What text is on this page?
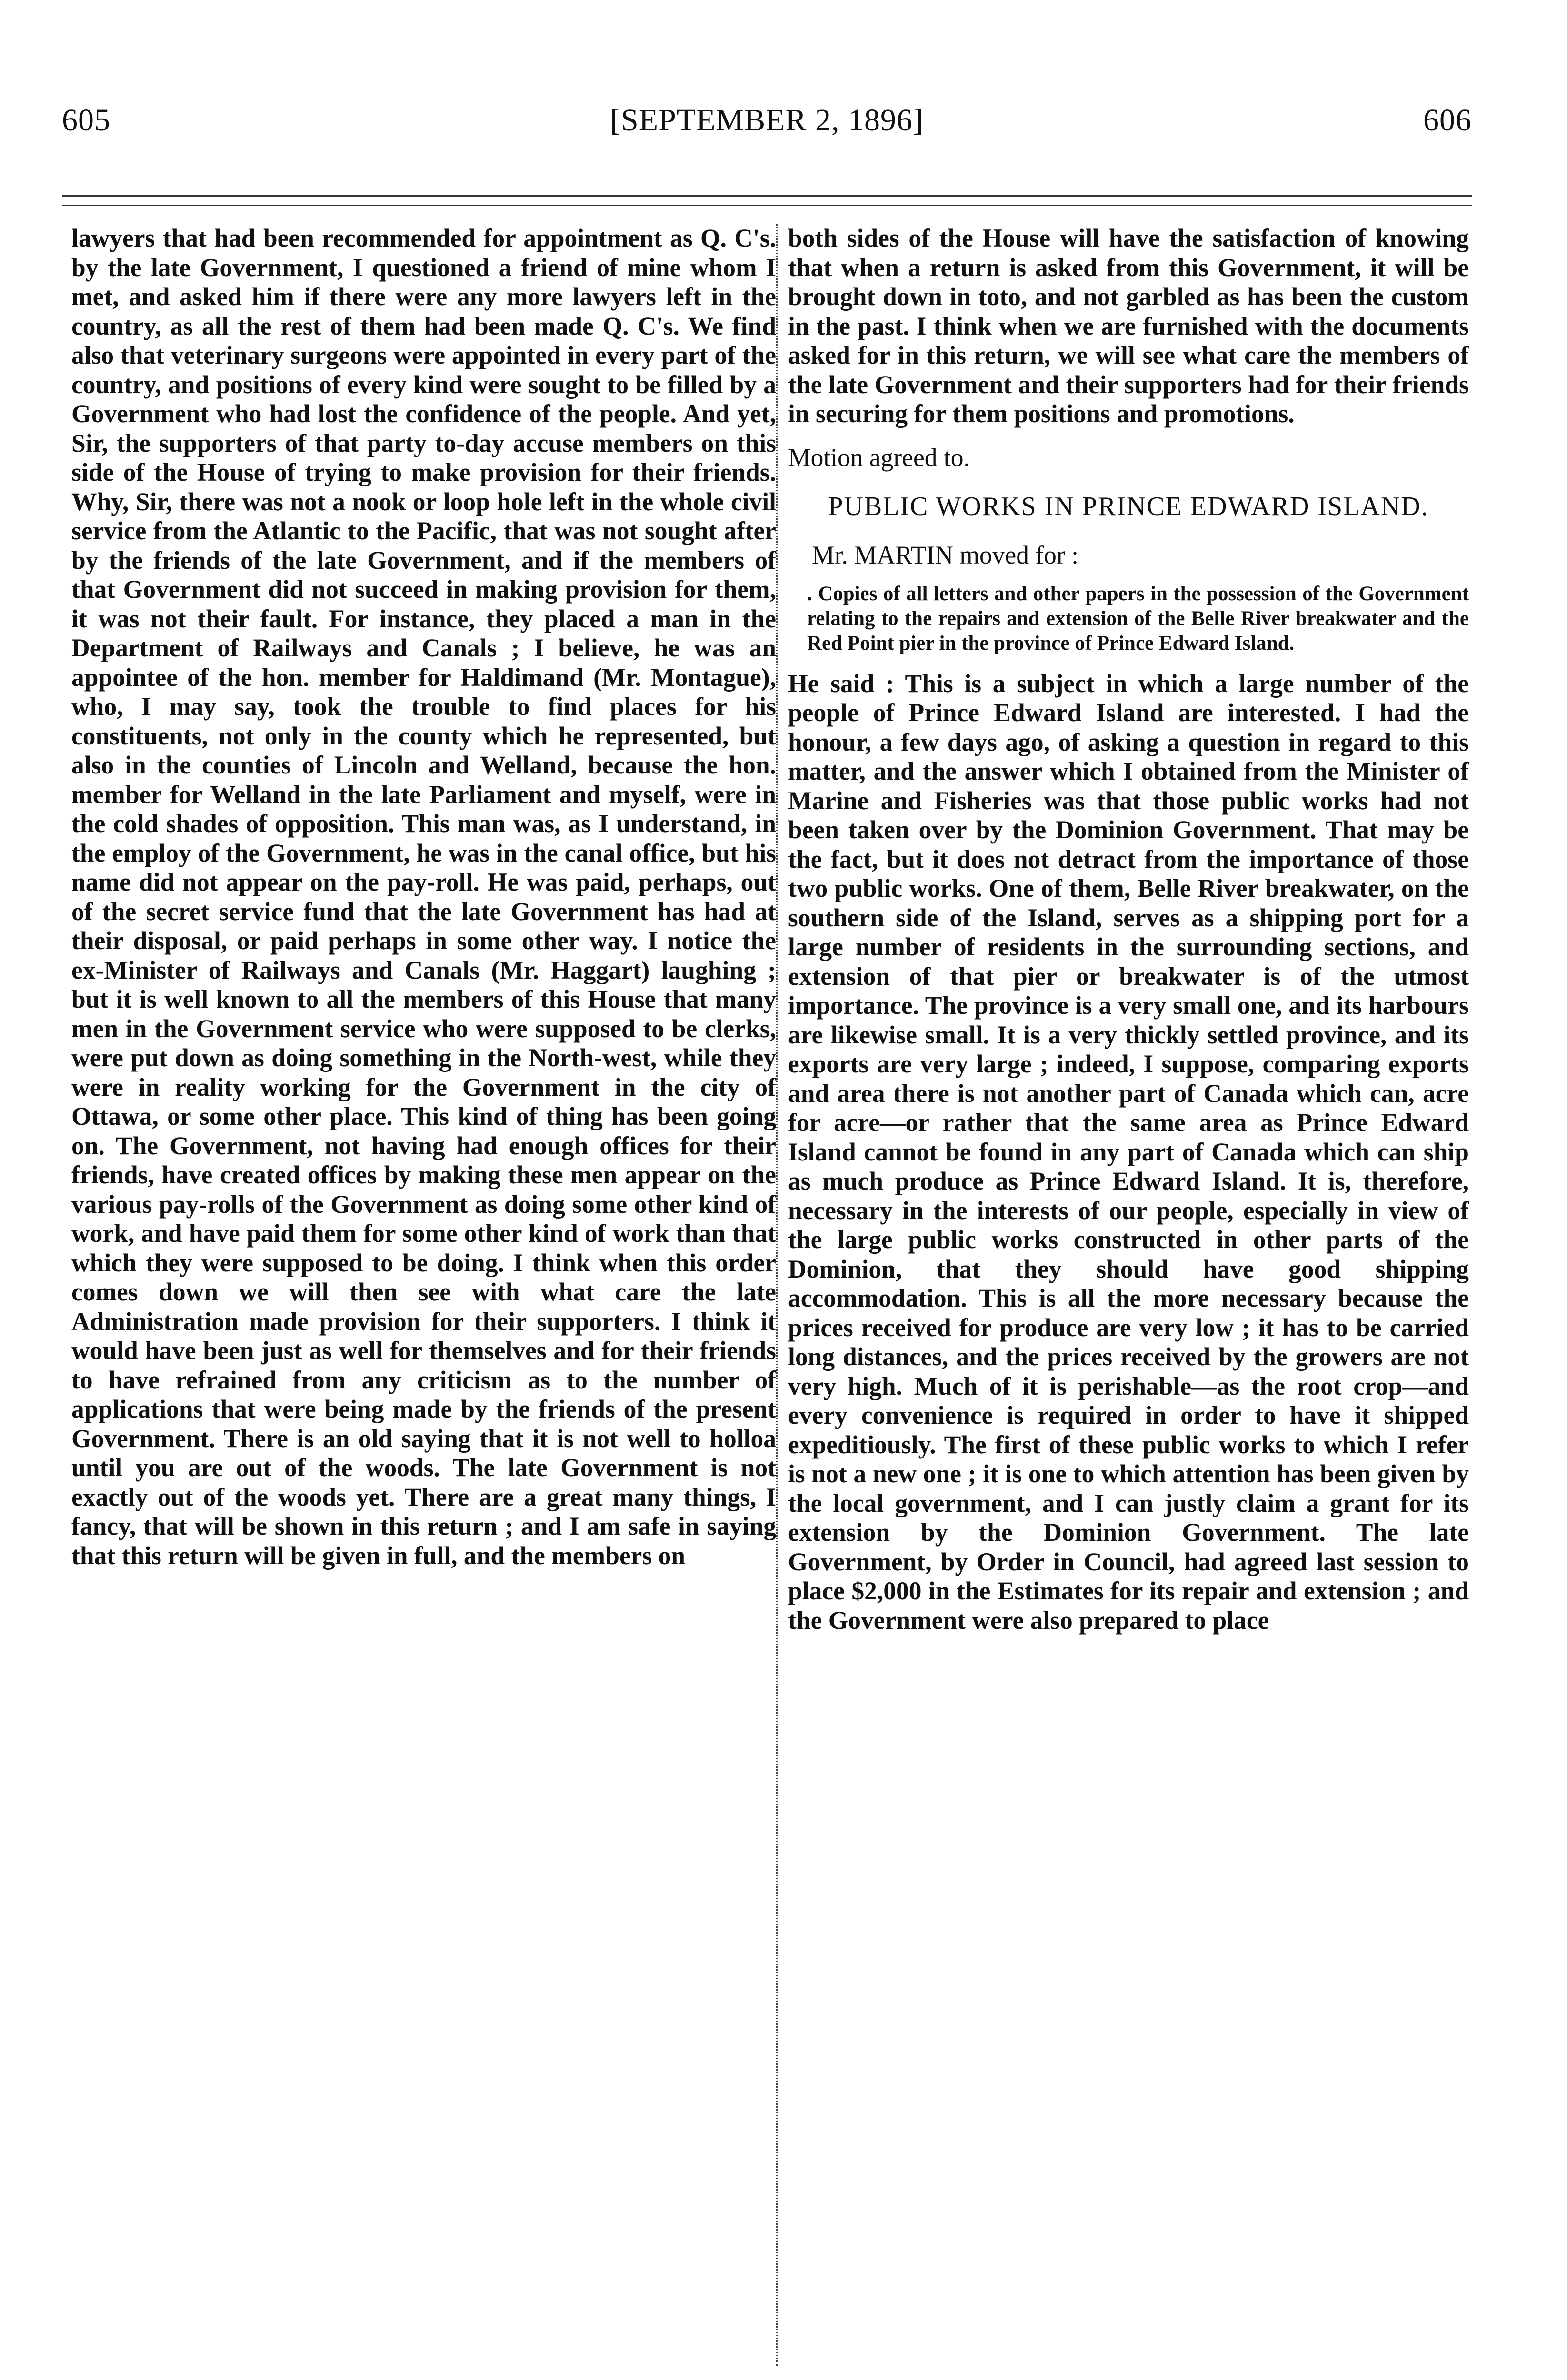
605	[SEPTEMBER 2, 1896]	606

lawyers that had been recommended for appointment as Q. C's. by the late Government, I questioned a friend of mine whom I met, and asked him if there were any more lawyers left in the country, as all the rest of them had been made Q. C's. We find also that veterinary surgeons were appointed in every part of the country, and positions of every kind were sought to be filled by a Government who had lost the confidence of the people. And yet, Sir, the supporters of that party to-day accuse members on this side of the House of trying to make provision for their friends. Why, Sir, there was not a nook or loop hole left in the whole civil service from the Atlantic to the Pacific, that was not sought after by the friends of the late Government, and if the members of that Government did not succeed in making provision for them, it was not their fault. For instance, they placed a man in the Department of Railways and Canals ; I believe, he was an appointee of the hon. member for Haldimand (Mr. Montague), who, I may say, took the trouble to find places for his constituents, not only in the county which he represented, but also in the counties of Lincoln and Welland, because the hon. member for Welland in the late Parliament and myself, were in the cold shades of opposition. This man was, as I understand, in the employ of the Government, he was in the canal office, but his name did not appear on the pay-roll. He was paid, perhaps, out of the secret service fund that the late Government has had at their disposal, or paid perhaps in some other way. I notice the ex-Minister of Railways and Canals (Mr. Haggart) laughing ; but it is well known to all the members of this House that many men in the Government service who were supposed to be clerks, were put down as doing something in the North-west, while they were in reality working for the Government in the city of Ottawa, or some other place. This kind of thing has been going on. The Government, not having had enough offices for their friends, have created offices by making these men appear on the various pay-rolls of the Government as doing some other kind of work, and have paid them for some other kind of work than that which they were supposed to be doing. I think when this order comes down we will then see with what care the late Administration made provision for their supporters. I think it would have been just as well for themselves and for their friends to have refrained from any criticism as to the number of applications that were being made by the friends of the present Government. There is an old saying that it is not well to holloa until you are out of the woods. The late Government is not exactly out of the woods yet. There are a great many things, I fancy, that will be shown in this return ; and I am safe in saying that this return will be given in full, and the members on

both sides of the House will have the satisfaction of knowing that when a return is asked from this Government, it will be brought down in toto, and not garbled as has been the custom in the past. I think when we are furnished with the documents asked for in this return, we will see what care the members of the late Government and their supporters had for their friends in securing for them positions and promotions.

Motion agreed to.

PUBLIC WORKS IN PRINCE EDWARD ISLAND.

Mr. MARTIN moved for :

. Copies of all letters and other papers in the possession of the Government relating to the repairs and extension of the Belle River breakwater and the Red Point pier in the province of Prince Edward Island.

He said : This is a subject in which a large number of the people of Prince Edward Island are interested. I had the honour, a few days ago, of asking a question in regard to this matter, and the answer which I obtained from the Minister of Marine and Fisheries was that those public works had not been taken over by the Dominion Government. That may be the fact, but it does not detract from the importance of those two public works. One of them, Belle River breakwater, on the southern side of the Island, serves as a shipping port for a large number of residents in the surrounding sections, and extension of that pier or breakwater is of the utmost importance. The province is a very small one, and its harbours are likewise small. It is a very thickly settled province, and its exports are very large ; indeed, I suppose, comparing exports and area there is not another part of Canada which can, acre for acre—or rather that the same area as Prince Edward Island cannot be found in any part of Canada which can ship as much produce as Prince Edward Island. It is, therefore, necessary in the interests of our people, especially in view of the large public works constructed in other parts of the Dominion, that they should have good shipping accommodation. This is all the more necessary because the prices received for produce are very low ; it has to be carried long distances, and the prices received by the growers are not very high. Much of it is perishable—as the root crop—and every convenience is required in order to have it shipped expeditiously. The first of these public works to which I refer is not a new one ; it is one to which attention has been given by the local government, and I can justly claim a grant for its extension by the Dominion Government. The late Government, by Order in Council, had agreed last session to place $2,000 in the Estimates for its repair and extension ; and the Government were also prepared to place
